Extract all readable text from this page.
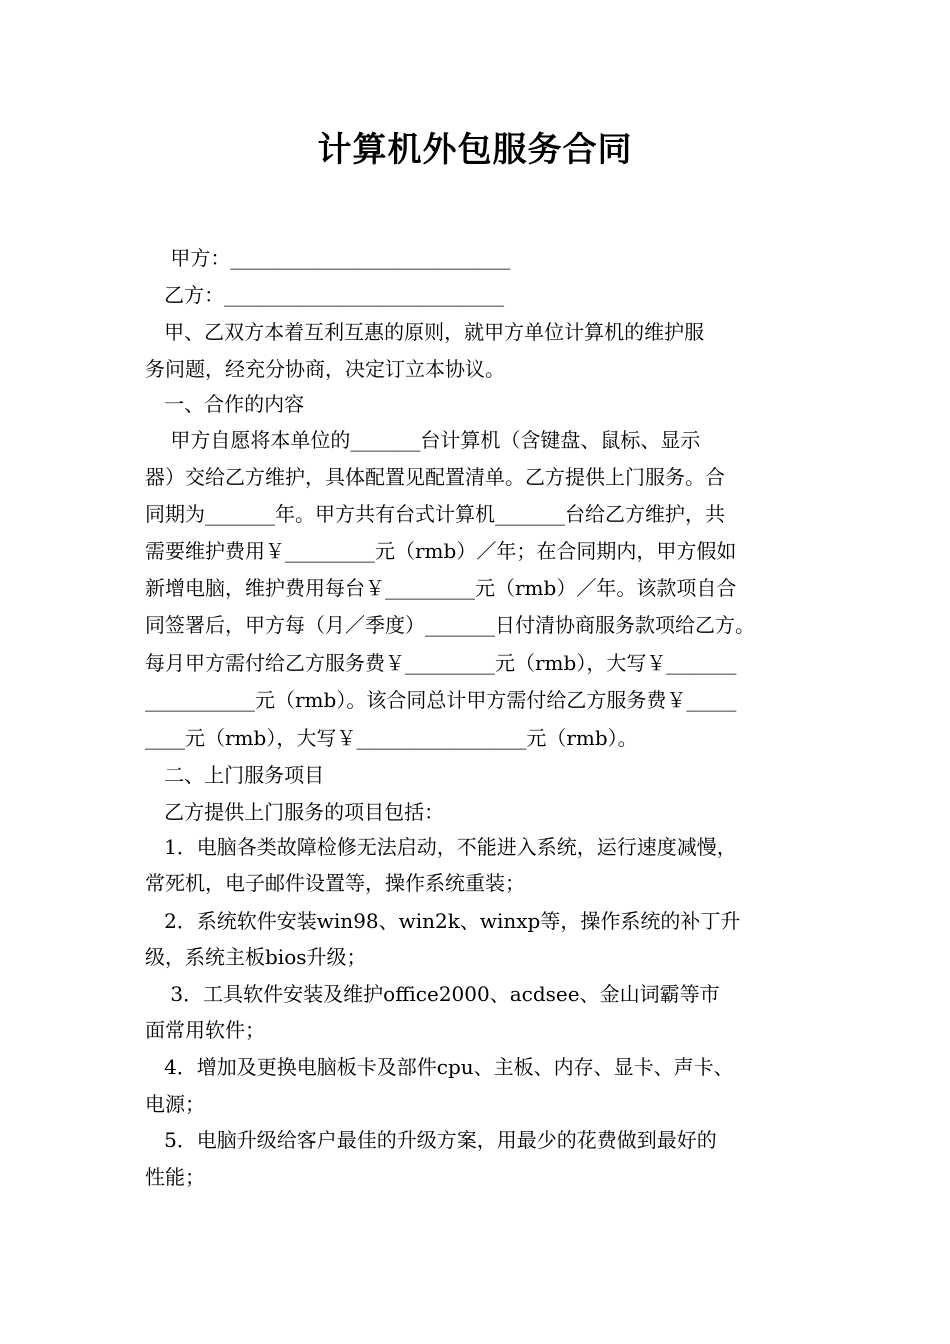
计算机外包服务合同
甲方：____________________________
乙方：____________________________
甲、乙双方本着互利互惠的原则，就甲方单位计算机的维护服
务问题，经充分协商，决定订立本协议。
一、合作的内容
甲方自愿将本单位的_______台计算机（含键盘、鼠标、显示
器）交给乙方维护，具体配置见配置清单。乙方提供上门服务。合
同期为_______年。甲方共有台式计算机_______台给乙方维护，共
需要维护费用￥_________元（rmb）／年；在合同期内，甲方假如
新增电脑，维护费用每台￥_________元（rmb）／年。该款项自合
同签署后，甲方每（月／季度）_______日付清协商服务款项给乙方。
每月甲方需付给乙方服务费￥_________元（rmb），大写￥_______
___________元（rmb）。该合同总计甲方需付给乙方服务费￥_____
____元（rmb），大写￥_________________元（rmb）。
二、上门服务项目
乙方提供上门服务的项目包括：
1．电脑各类故障检修无法启动，不能进入系统，运行速度减慢，
常死机，电子邮件设置等，操作系统重装；
2．系统软件安装win98、win2k、winxp等，操作系统的补丁升
级，系统主板bios升级；
3．工具软件安装及维护office2000、acdsee、金山词霸等市
面常用软件；
4．增加及更换电脑板卡及部件cpu、主板、内存、显卡、声卡、
电源；
5．电脑升级给客户最佳的升级方案，用最少的花费做到最好的
性能；
